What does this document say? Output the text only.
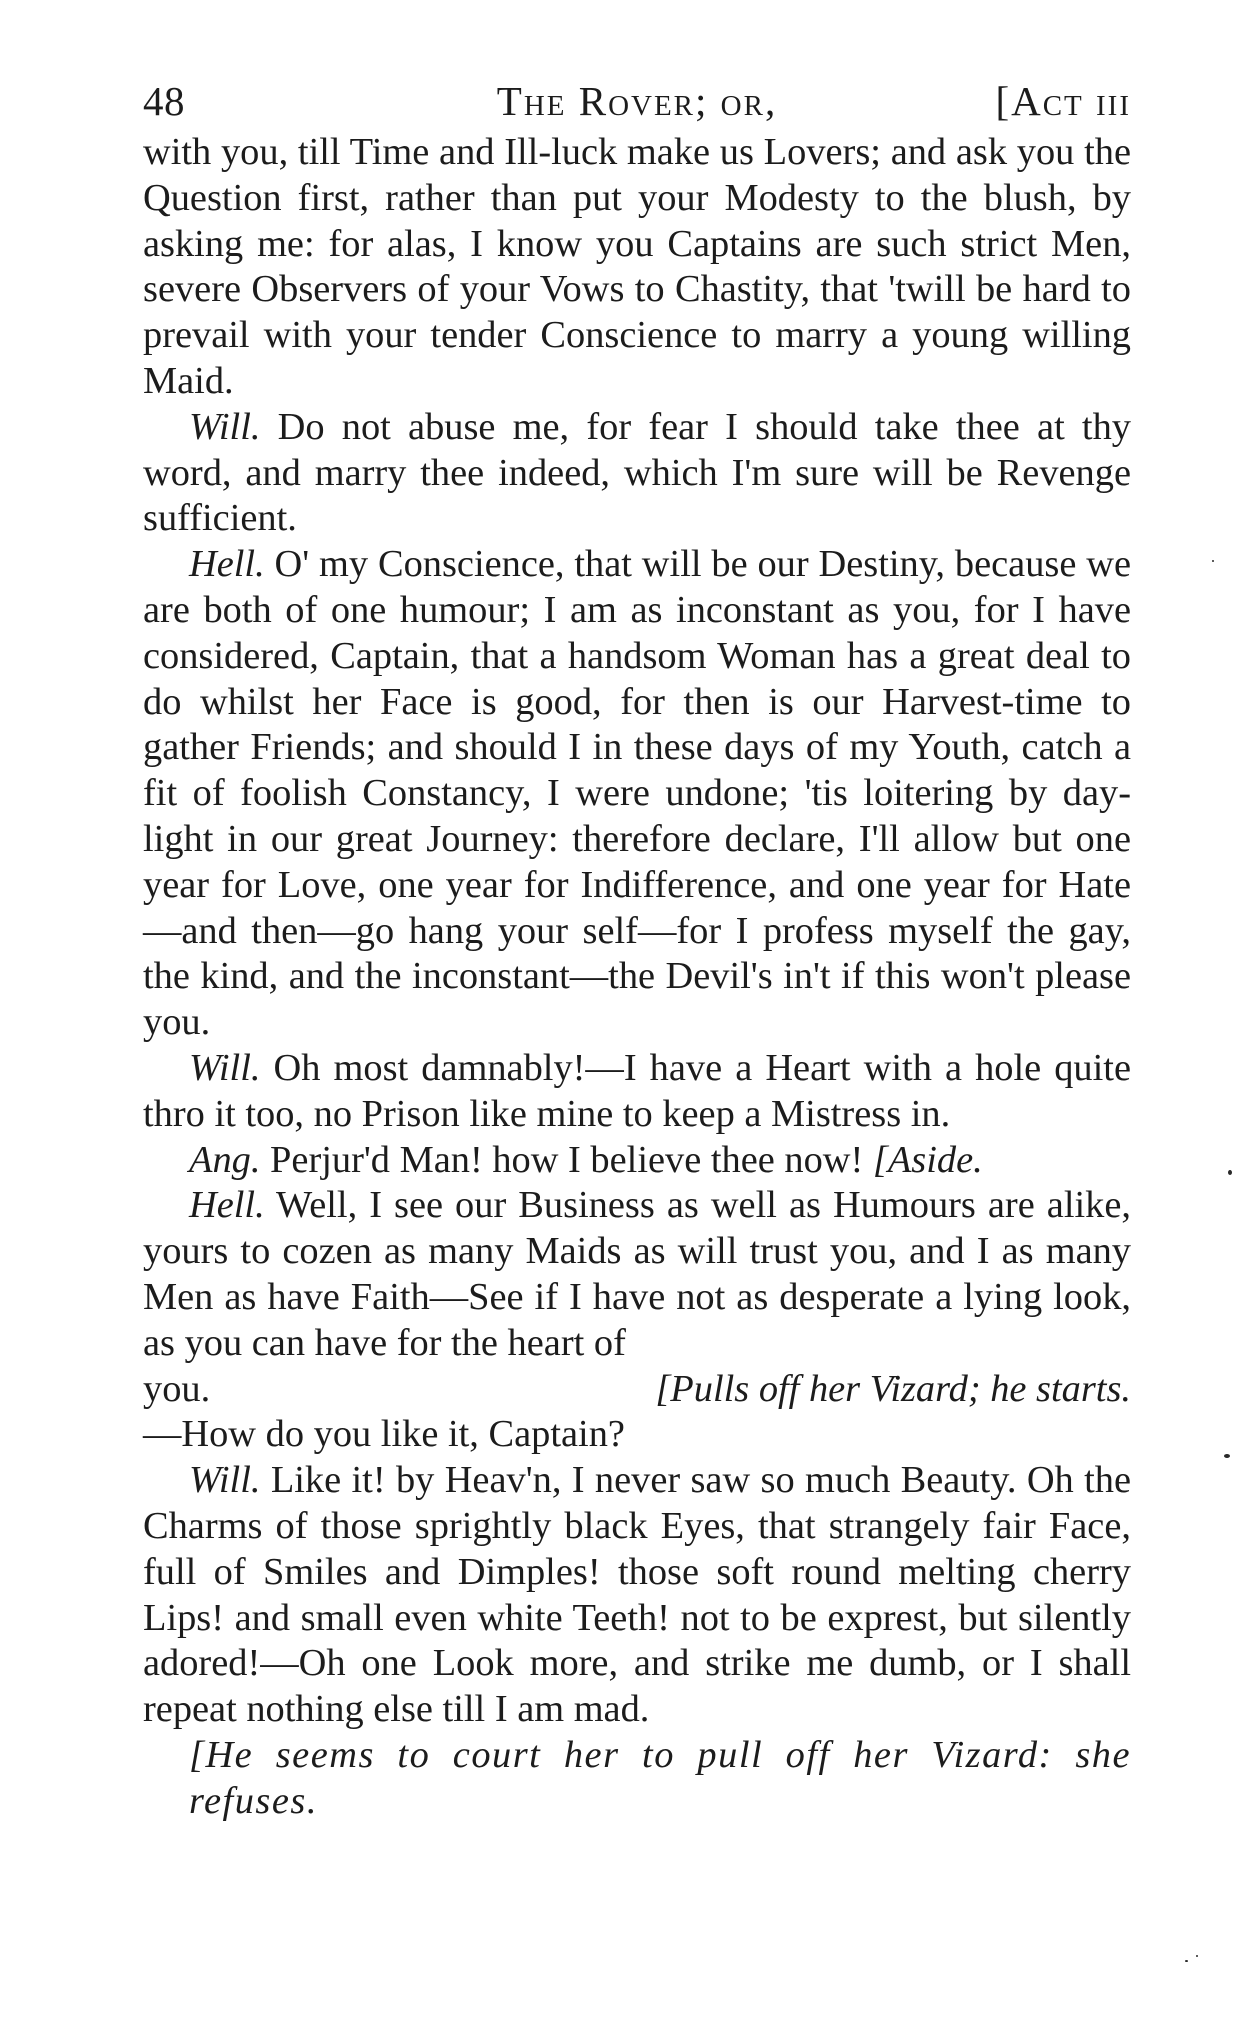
48	The Rover; or,	[Act iii

with you, till Time and Ill-luck make us Lovers; and ask you the Question first, rather than put your Modesty to the blush, by asking me: for alas, I know you Captains are such strict Men, severe Observers of your Vows to Chastity, that 'twill be hard to prevail with your tender Conscience to marry a young willing Maid.

Will. Do not abuse me, for fear I should take thee at thy word, and marry thee indeed, which I'm sure will be Revenge sufficient.

Hell. O' my Conscience, that will be our Destiny, because we are both of one humour; I am as inconstant as you, for I have considered, Captain, that a handsom Woman has a great deal to do whilst her Face is good, for then is our Harvest-time to gather Friends; and should I in these days of my Youth, catch a fit of foolish Constancy, I were undone; 'tis loitering by day-light in our great Journey: therefore declare, I'll allow but one year for Love, one year for Indifference, and one year for Hate—and then—go hang your self—for I profess myself the gay, the kind, and the inconstant—the Devil's in't if this won't please you.

Will. Oh most damnably!—I have a Heart with a hole quite thro it too, no Prison like mine to keep a Mistress in.

Ang. Perjur'd Man! how I believe thee now! [Aside.

Hell. Well, I see our Business as well as Humours are alike, yours to cozen as many Maids as will trust you, and I as many Men as have Faith—See if I have not as desperate a lying look, as you can have for the heart of

you.	[Pulls off her Vizard; he starts.

—How do you like it, Captain?

Will. Like it! by Heav'n, I never saw so much Beauty. Oh the Charms of those sprightly black Eyes, that strangely fair Face, full of Smiles and Dimples! those soft round melting cherry Lips! and small even white Teeth! not to be exprest, but silently adored!—Oh one Look more, and strike me dumb, or I shall repeat nothing else till I am mad.

[He seems to court her to pull off her Vizard: she refuses.
